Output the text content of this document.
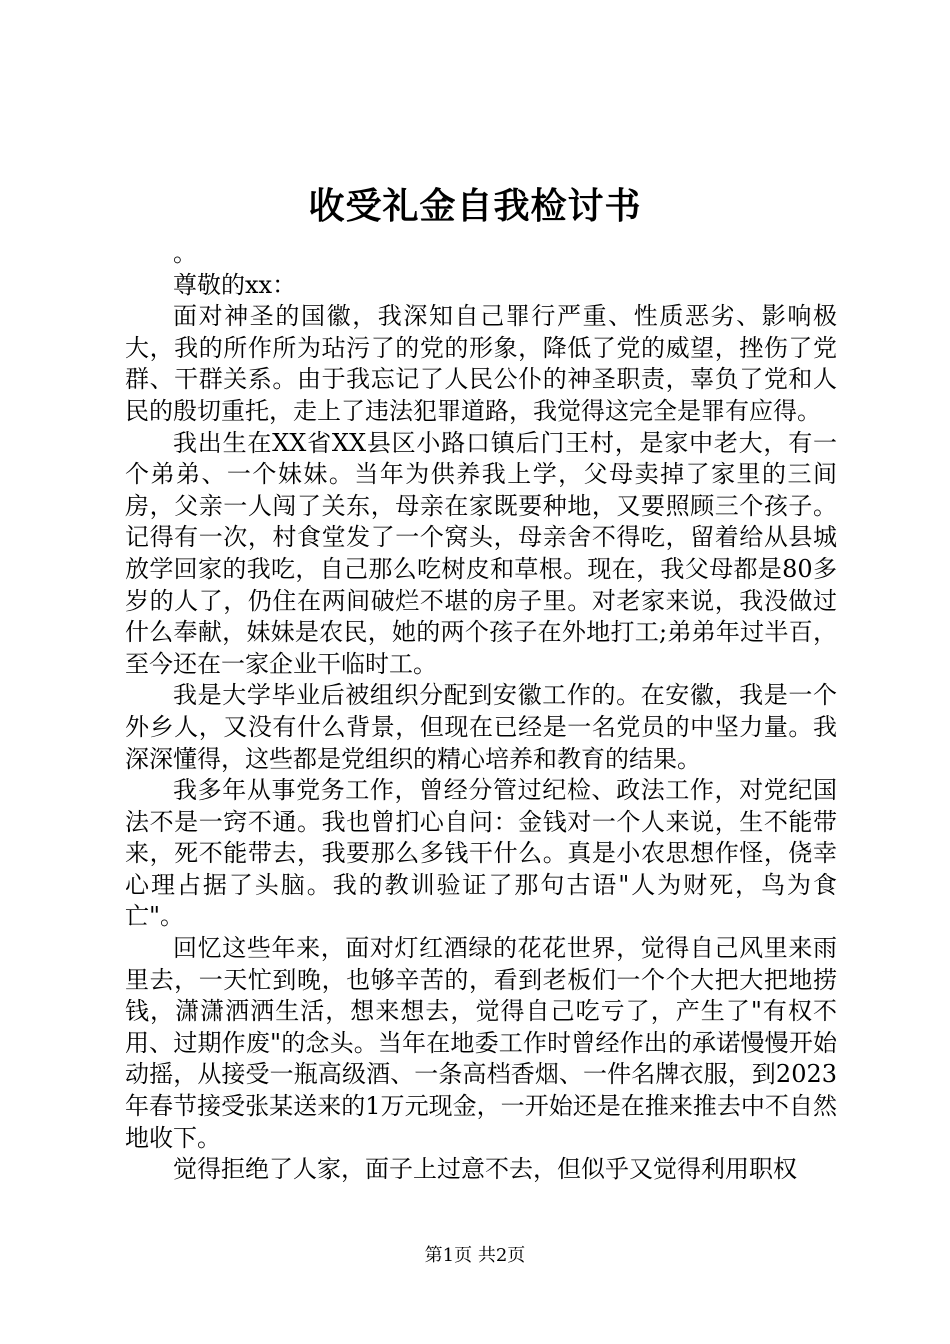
收受礼金自我检讨书

。

尊敬的xx：

面对神圣的国徽，我深知自己罪行严重、性质恶劣、影响极大，我的所作所为玷污了的党的形象，降低了党的威望，挫伤了党群、干群关系。由于我忘记了人民公仆的神圣职责，辜负了党和人民的殷切重托，走上了违法犯罪道路，我觉得这完全是罪有应得。

我出生在XX省XX县区小路口镇后门王村，是家中老大，有一个弟弟、一个妹妹。当年为供养我上学，父母卖掉了家里的三间房，父亲一人闯了关东，母亲在家既要种地，又要照顾三个孩子。记得有一次，村食堂发了一个窝头，母亲舍不得吃，留着给从县城放学回家的我吃，自己那么吃树皮和草根。现在，我父母都是80多岁的人了，仍住在两间破烂不堪的房子里。对老家来说，我没做过什么奉献，妹妹是农民，她的两个孩子在外地打工;弟弟年过半百，至今还在一家企业干临时工。

我是大学毕业后被组织分配到安徽工作的。在安徽，我是一个外乡人，又没有什么背景，但现在已经是一名党员的中坚力量。我深深懂得，这些都是党组织的精心培养和教育的结果。

我多年从事党务工作，曾经分管过纪检、政法工作，对党纪国法不是一窍不通。我也曾扪心自问：金钱对一个人来说，生不能带来，死不能带去，我要那么多钱干什么。真是小农思想作怪，侥幸心理占据了头脑。我的教训验证了那句古语"人为财死，鸟为食亡"。

回忆这些年来，面对灯红酒绿的花花世界，觉得自己风里来雨里去，一天忙到晚，也够辛苦的，看到老板们一个个大把大把地捞钱，潇潇洒洒生活，想来想去，觉得自己吃亏了，产生了"有权不用、过期作废"的念头。当年在地委工作时曾经作出的承诺慢慢开始动摇，从接受一瓶高级酒、一条高档香烟、一件名牌衣服，到2023年春节接受张某送来的1万元现金，一开始还是在推来推去中不自然地收下。

觉得拒绝了人家，面子上过意不去，但似乎又觉得利用职权

第1页 共2页
